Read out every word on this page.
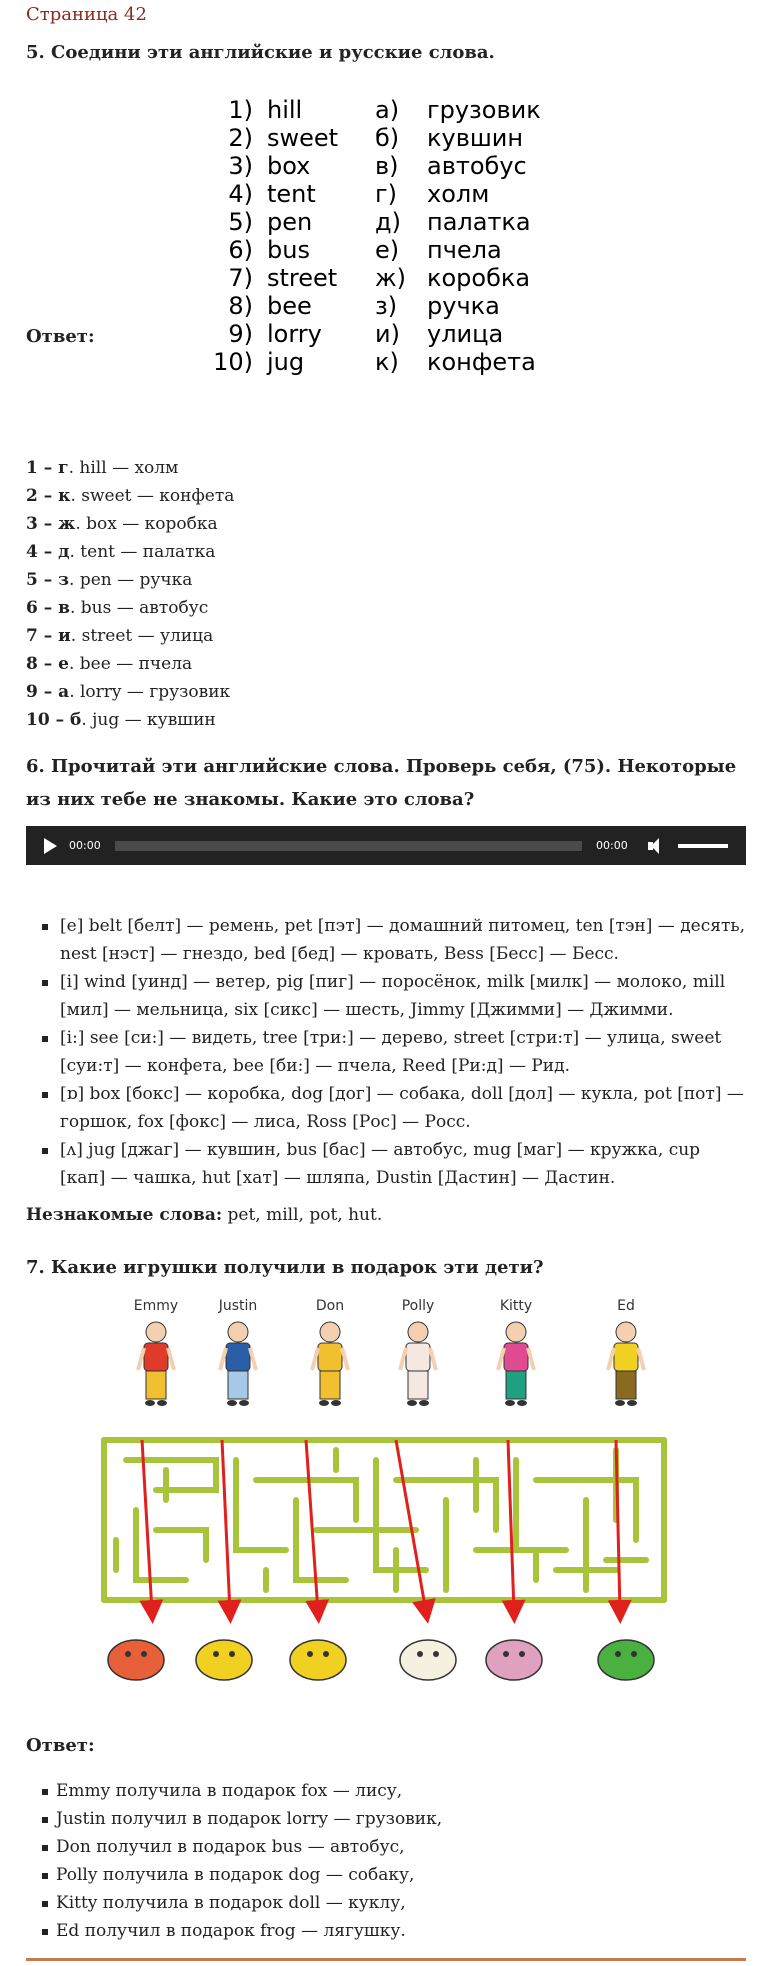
Страница 42
5. Соедини эти английские и русские слова.
1) hill	а)	грузовик
2) sweet	б)	кувшин
3) box	в)	автобус
4) tent	г)	холм
5) pen	д)	палатка
6) bus	е)	пчела
7) street	ж) коробка
8) bee	з)	ручка
9) lorry	и)	улица
10) jug	к)	конфета
Ответ:
1 – г. hill — холм
2 – к. sweet — конфета
3 – ж. box — коробка
4 – д. tent — палатка
5 – з. pen — ручка
6 – в. bus — автобус
7 – и. street — улица
8 – е. bee — пчела
9 – а. lorry — грузовик
10 – б. jug — кувшин
6. Прочитай эти английские слова. Проверь себя, (75). Некоторые из них тебе не знакомы. Какие это слова?
00:00	00:00
[e] belt [белт] — ремень, pet [пэт] — домашний питомец, ten [тэн] — десять, nest [нэст] — гнездо, bed [бед] — кровать, Bess [Бесс] — Бесс.
[i] wind [уинд] — ветер, pig [пиг] — поросёнок, milk [милк] — молоко, mill [мил] — мельница, six [сикс] — шесть, Jimmy [Джимми] — Джимми.
[i:] see [си:] — видеть, tree [три:] — дерево, street [стри:т] — улица, sweet [суи:т] — конфета, bee [би:] — пчела, Reed [Ри:д] — Рид.
[ɒ] box [бокс] — коробка, dog [дог] — собака, doll [дол] — кукла, pot [пот] — горшок, fox [фокс] — лиса, Ross [Рос] — Росс.
[ʌ] jug [джаг] — кувшин, bus [бас] — автобус, mug [маг] — кружка, cup [кап] — чашка, hut [хат] — шляпа, Dustin [Дастин] — Дастин.
Незнакомые слова: pet, mill, pot, hut.
7. Какие игрушки получили в подарок эти дети?
Emmy	Justin	Don	Polly	Kitty	Ed
Ответ:
Emmy получила в подарок fox — лису,
Justin получил в подарок lorry — грузовик,
Don получил в подарок bus — автобус,
Polly получила в подарок dog — собаку,
Kitty получила в подарок doll — куклу,
Ed получил в подарок frog — лягушку.
